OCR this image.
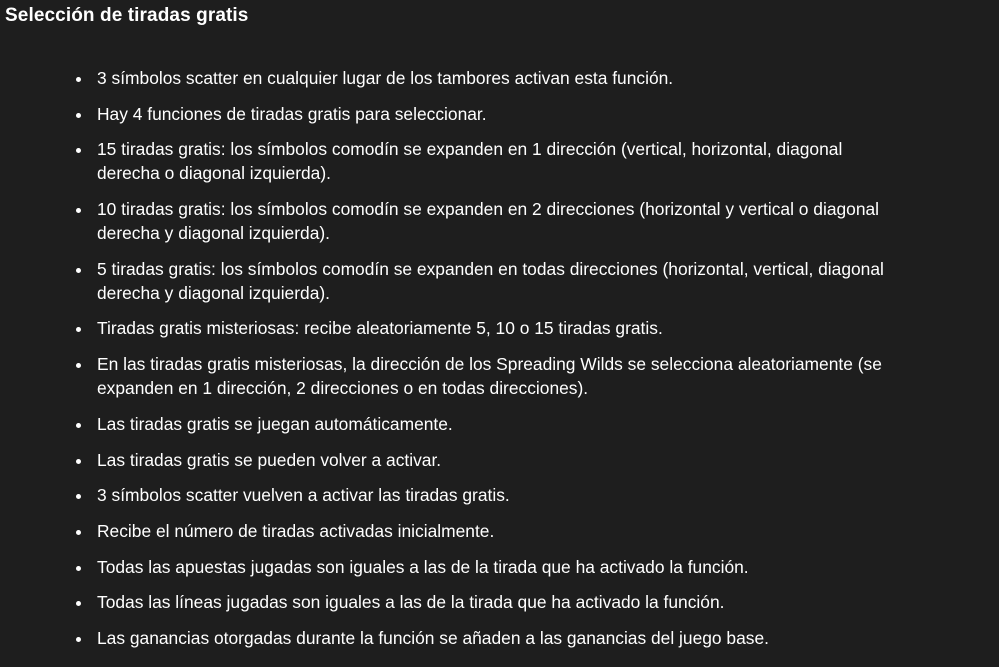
Selección de tiradas gratis
3 símbolos scatter en cualquier lugar de los tambores activan esta función.
Hay 4 funciones de tiradas gratis para seleccionar.
15 tiradas gratis: los símbolos comodín se expanden en 1 dirección (vertical, horizontal, diagonal derecha o diagonal izquierda).
10 tiradas gratis: los símbolos comodín se expanden en 2 direcciones (horizontal y vertical o diagonal derecha y diagonal izquierda).
5 tiradas gratis: los símbolos comodín se expanden en todas direcciones (horizontal, vertical, diagonal derecha y diagonal izquierda).
Tiradas gratis misteriosas: recibe aleatoriamente 5, 10 o 15 tiradas gratis.
En las tiradas gratis misteriosas, la dirección de los Spreading Wilds se selecciona aleatoriamente (se expanden en 1 dirección, 2 direcciones o en todas direcciones).
Las tiradas gratis se juegan automáticamente.
Las tiradas gratis se pueden volver a activar.
3 símbolos scatter vuelven a activar las tiradas gratis.
Recibe el número de tiradas activadas inicialmente.
Todas las apuestas jugadas son iguales a las de la tirada que ha activado la función.
Todas las líneas jugadas son iguales a las de la tirada que ha activado la función.
Las ganancias otorgadas durante la función se añaden a las ganancias del juego base.
